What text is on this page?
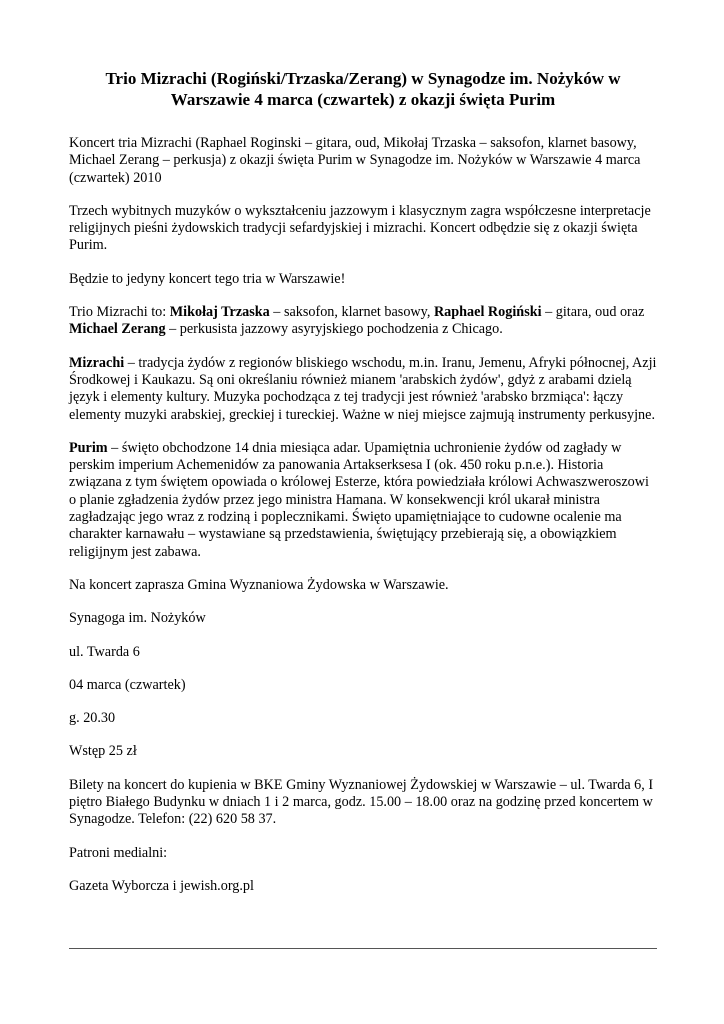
Trio Mizrachi (Rogiński/Trzaska/Zerang) w Synagodze im. Nożyków w Warszawie 4 marca (czwartek) z okazji święta Purim
Koncert tria Mizrachi (Raphael Roginski – gitara, oud, Mikołaj Trzaska – saksofon, klarnet basowy, Michael Zerang – perkusja) z okazji święta Purim w Synagodze im. Nożyków w Warszawie 4 marca (czwartek) 2010
Trzech wybitnych muzyków o wykształceniu jazzowym i klasycznym zagra współczesne interpretacje religijnych pieśni żydowskich tradycji sefardyjskiej i mizrachi. Koncert odbędzie się z okazji święta Purim.
Będzie to jedyny koncert tego tria w Warszawie!
Trio Mizrachi to: Mikołaj Trzaska – saksofon, klarnet basowy, Raphael Rogiński – gitara, oud oraz Michael Zerang – perkusista jazzowy asyryjskiego pochodzenia z Chicago.
Mizrachi – tradycja żydów z regionów bliskiego wschodu, m.in. Iranu, Jemenu, Afryki północnej, Azji Środkowej i Kaukazu. Są oni określaniu również mianem 'arabskich żydów', gdyż z arabami dzielą język i elementy kultury. Muzyka pochodząca z tej tradycji jest również 'arabsko brzmiąca': łączy elementy muzyki arabskiej, greckiej i tureckiej. Ważne w niej miejsce zajmują instrumenty perkusyjne.
Purim – święto obchodzone 14 dnia miesiąca adar. Upamiętnia uchronienie żydów od zagłady w perskim imperium Achemenidów za panowania Artakserksesa I (ok. 450 roku p.n.e.). Historia związana z tym świętem opowiada o królowej Esterze, która powiedziała królowi Achwaszweroszowi o planie zgładzenia żydów przez jego ministra Hamana. W konsekwencji król ukarał ministra zagładzając jego wraz z rodziną i poplecznikami. Święto upamiętniające to cudowne ocalenie ma charakter karnawału – wystawiane są przedstawienia, świętujący przebierają się, a obowiązkiem religijnym jest zabawa.
Na koncert zaprasza Gmina Wyznaniowa Żydowska w Warszawie.
Synagoga im. Nożyków
ul. Twarda 6
04 marca (czwartek)
g. 20.30
Wstęp 25 zł
Bilety na koncert do kupienia w BKE Gminy Wyznaniowej Żydowskiej w Warszawie – ul. Twarda 6, I piętro Białego Budynku w dniach 1 i 2 marca, godz. 15.00 – 18.00 oraz na godzinę przed koncertem w Synagodze. Telefon: (22) 620 58 37.
Patroni medialni:
Gazeta Wyborcza i jewish.org.pl
